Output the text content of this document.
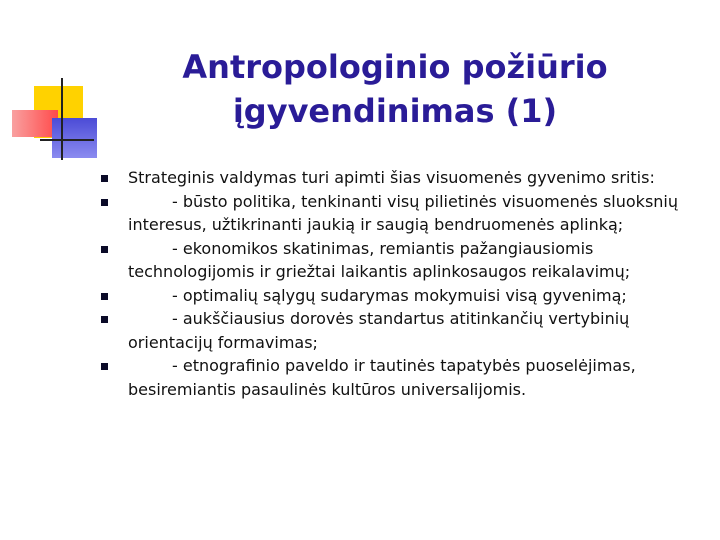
Antropologinio požiūrio
įgyvendinimas (1)
Strateginis valdymas turi apimti šias visuomenės gyvenimo sritis:
- būsto politika, tenkinanti visų pilietinės visuomenės sluoksnių interesus, užtikrinanti jaukią ir saugią bendruomenės aplinką;
- ekonomikos skatinimas, remiantis pažangiausiomis technologijomis ir griežtai laikantis aplinkosaugos reikalavimų;
- optimalių sąlygų sudarymas mokymuisi visą gyvenimą;
- aukščiausius dorovės standartus atitinkančių vertybinių orientacijų formavimas;
- etnografinio paveldo ir tautinės tapatybės puoselėjimas, besiremiantis pasaulinės kultūros universalijomis.
